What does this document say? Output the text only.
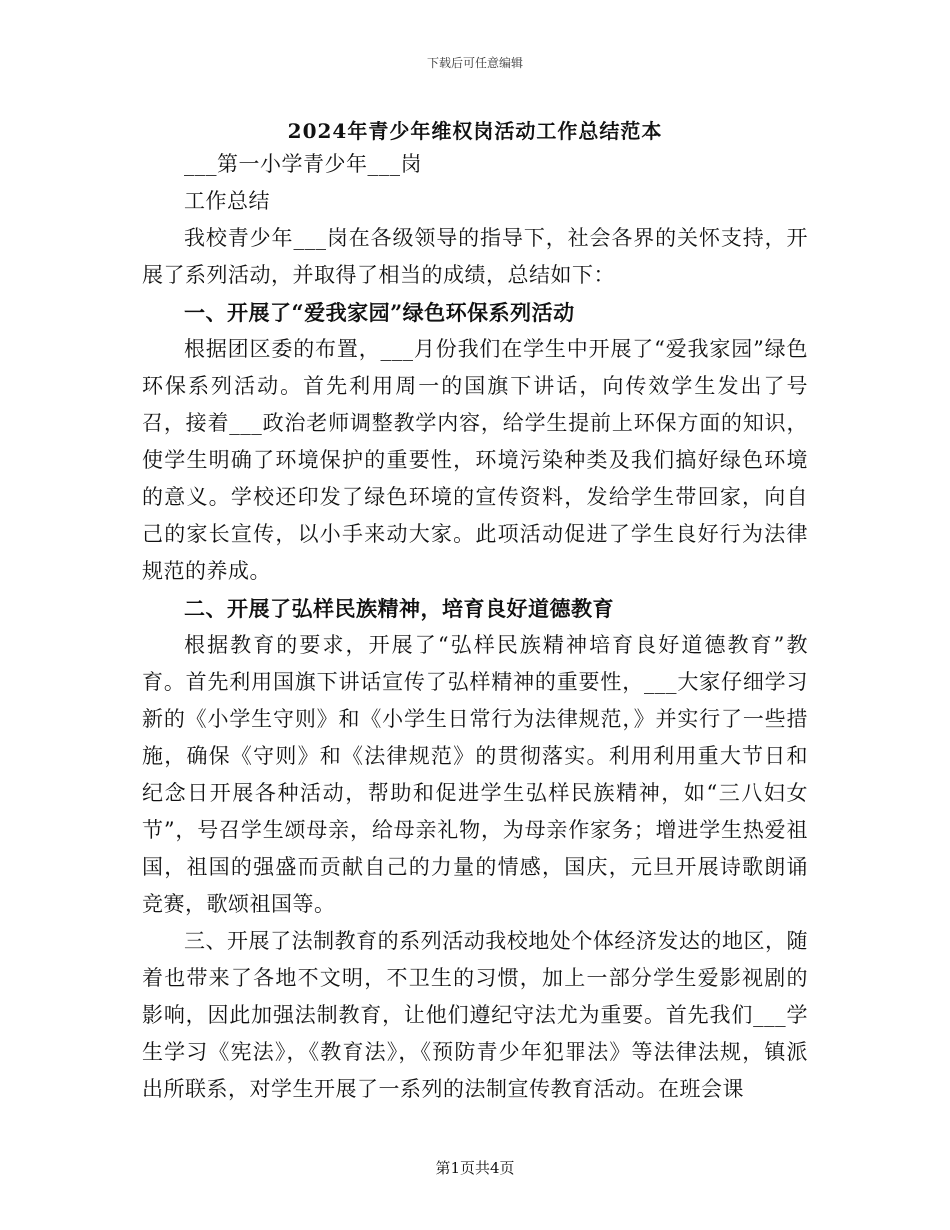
下载后可任意编辑
2024年青少年维权岗活动工作总结范本

___第一小学青少年___岗

工作总结

我校青少年___岗在各级领导的指导下，社会各界的关怀支持，开展了系列活动，并取得了相当的成绩，总结如下：

一、开展了“爱我家园”绿色环保系列活动

根据团区委的布置，___月份我们在学生中开展了“爱我家园”绿色环保系列活动。首先利用周一的国旗下讲话，向传效学生发出了号召，接着___政治老师调整教学内容，给学生提前上环保方面的知识，使学生明确了环境保护的重要性，环境污染种类及我们搞好绿色环境的意义。学校还印发了绿色环境的宣传资料，发给学生带回家，向自己的家长宣传，以小手来动大家。此项活动促进了学生良好行为法律规范的养成。

二、开展了弘样民族精神，培育良好道德教育

根据教育的要求，开展了“弘样民族精神培育良好道德教育”教育。首先利用国旗下讲话宣传了弘样精神的重要性，___大家仔细学习新的《小学生守则》和《小学生日常行为法律规范，》并实行了一些措施，确保《守则》和《法律规范》的贯彻落实。利用利用重大节日和纪念日开展各种活动，帮助和促进学生弘样民族精神，如“三八妇女节”，号召学生颂母亲，给母亲礼物，为母亲作家务；增进学生热爱祖国，祖国的强盛而贡献自己的力量的情感，国庆，元旦开展诗歌朗诵竞赛，歌颂祖国等。

三、开展了法制教育的系列活动我校地处个体经济发达的地区，随着也带来了各地不文明，不卫生的习惯，加上一部分学生爱影视剧的影响，因此加强法制教育，让他们遵纪守法尤为重要。首先我们___学生学习《宪法》，《教育法》，《预防青少年犯罪法》等法律法规，镇派出所联系，对学生开展了一系列的法制宣传教育活动。在班会课

第1页共4页
